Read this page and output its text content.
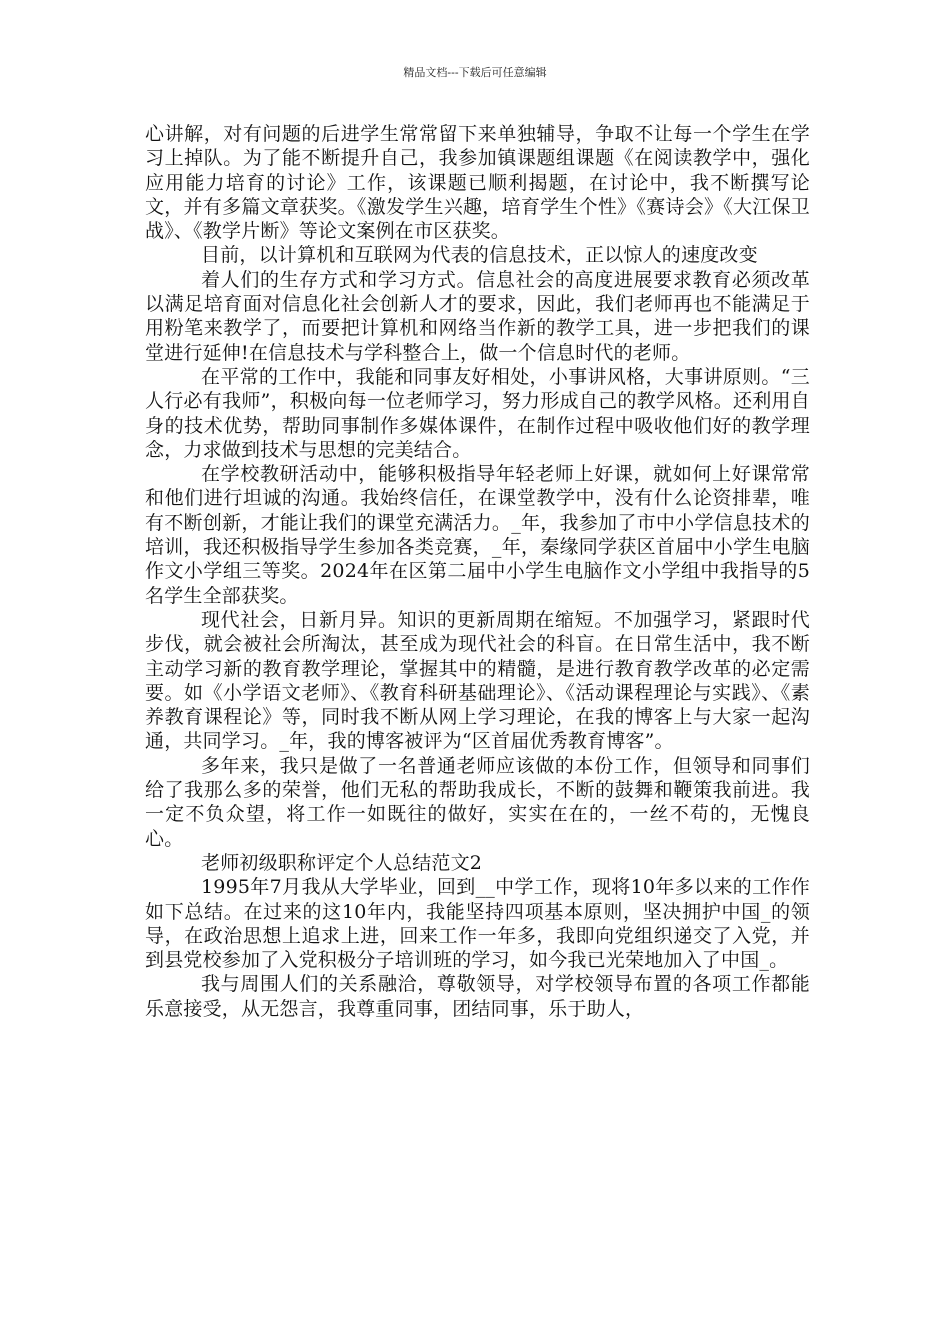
精品文档---下载后可任意编辑

心讲解，对有问题的后进学生常常留下来单独辅导，争取不让每一个学生在学习上掉队。为了能不断提升自己，我参加镇课题组课题《在阅读教学中，强化应用能力培育的讨论》工作，该课题已顺利揭题，在讨论中，我不断撰写论文，并有多篇文章获奖。《激发学生兴趣，培育学生个性》《赛诗会》《大江保卫战》、《教学片断》等论文案例在市区获奖。

目前，以计算机和互联网为代表的信息技术，正以惊人的速度改变

着人们的生存方式和学习方式。信息社会的高度进展要求教育必须改革以满足培育面对信息化社会创新人才的要求，因此，我们老师再也不能满足于用粉笔来教学了，而要把计算机和网络当作新的教学工具，进一步把我们的课堂进行延伸!在信息技术与学科整合上，做一个信息时代的老师。

在平常的工作中，我能和同事友好相处，小事讲风格，大事讲原则。“三人行必有我师”，积极向每一位老师学习，努力形成自己的教学风格。还利用自身的技术优势，帮助同事制作多媒体课件，在制作过程中吸收他们好的教学理念，力求做到技术与思想的完美结合。

在学校教研活动中，能够积极指导年轻老师上好课，就如何上好课常常和他们进行坦诚的沟通。我始终信任，在课堂教学中，没有什么论资排辈，唯有不断创新，才能让我们的课堂充满活力。_年，我参加了市中小学信息技术的培训，我还积极指导学生参加各类竞赛，_年，秦缘同学获区首届中小学生电脑作文小学组三等奖。2024年在区第二届中小学生电脑作文小学组中我指导的5名学生全部获奖。

现代社会，日新月异。知识的更新周期在缩短。不加强学习，紧跟时代步伐，就会被社会所淘汰，甚至成为现代社会的科盲。在日常生活中，我不断主动学习新的教育教学理论，掌握其中的精髓，是进行教育教学改革的必定需要。如《小学语文老师》、《教育科研基础理论》、《活动课程理论与实践》、《素养教育课程论》等，同时我不断从网上学习理论，在我的博客上与大家一起沟通，共同学习。_年，我的博客被评为“区首届优秀教育博客”。

多年来，我只是做了一名普通老师应该做的本份工作，但领导和同事们给了我那么多的荣誉，他们无私的帮助我成长，不断的鼓舞和鞭策我前进。我一定不负众望，将工作一如既往的做好，实实在在的，一丝不苟的，无愧良心。

老师初级职称评定个人总结范文2

1995年7月我从大学毕业，回到__中学工作，现将10年多以来的工作作如下总结。在过来的这10年内，我能坚持四项基本原则，坚决拥护中国_的领导，在政治思想上追求上进，回来工作一年多，我即向党组织递交了入党，并到县党校参加了入党积极分子培训班的学习，如今我已光荣地加入了中国_。

我与周围人们的关系融洽，尊敬领导，对学校领导布置的各项工作都能乐意接受，从无怨言，我尊重同事，团结同事，乐于助人，
